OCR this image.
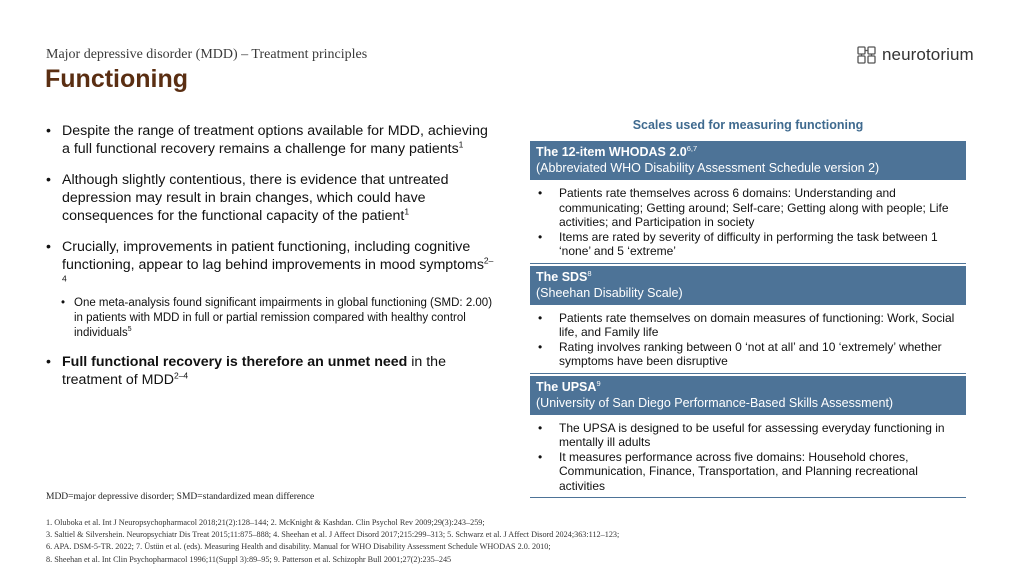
Major depressive disorder (MDD) – Treatment principles
Functioning
neurotorium
• Despite the range of treatment options available for MDD, achieving a full functional recovery remains a challenge for many patients$^1$
• Although slightly contentious, there is evidence that untreated depression may result in brain changes, which could have consequences for the functional capacity of the patient$^1$
• Crucially, improvements in patient functioning, including cognitive functioning, appear to lag behind improvements in mood symptoms$^{2-4}$
• One meta-analysis found significant impairments in global functioning (SMD: 2.00) in patients with MDD in full or partial remission compared with healthy control individuals$^5$
• Full functional recovery is therefore an unmet need in the treatment of MDD$^{2-4}$
Scales used for measuring functioning
The 12-item WHODAS 2.0$^{6,7}$
(Abbreviated WHO Disability Assessment Schedule version 2)
• Patients rate themselves across 6 domains: Understanding and communicating; Getting around; Self-care; Getting along with people; Life activities; and Participation in society
• Items are rated by severity of difficulty in performing the task between 1 ‘none’ and 5 ‘extreme’
The SDS$^8$
(Sheehan Disability Scale)
• Patients rate themselves on domain measures of functioning: Work, Social life, and Family life
• Rating involves ranking between 0 ‘not at all’ and 10 ‘extremely’ whether symptoms have been disruptive
The UPSA$^9$
(University of San Diego Performance-Based Skills Assessment)
• The UPSA is designed to be useful for assessing everyday functioning in mentally ill adults
• It measures performance across five domains: Household chores, Communication, Finance, Transportation, and Planning recreational activities
MDD=major depressive disorder; SMD=standardized mean difference
1. Oluboka et al. Int J Neuropsychopharmacol 2018;21(2):128–144; 2. McKnight & Kashdan. Clin Psychol Rev 2009;29(3):243–259;
3. Saltiel & Silvershein. Neuropsychiatr Dis Treat 2015;11:875–888; 4. Sheehan et al. J Affect Disord 2017;215:299–313; 5. Schwarz et al. J Affect Disord 2024;363:112–123;
6. APA. DSM-5-TR. 2022; 7. Üstün et al. (eds). Measuring Health and disability. Manual for WHO Disability Assessment Schedule WHODAS 2.0. 2010;
8. Sheehan et al. Int Clin Psychopharmacol 1996;11(Suppl 3):89–95; 9. Patterson et al. Schizophr Bull 2001;27(2):235–245
